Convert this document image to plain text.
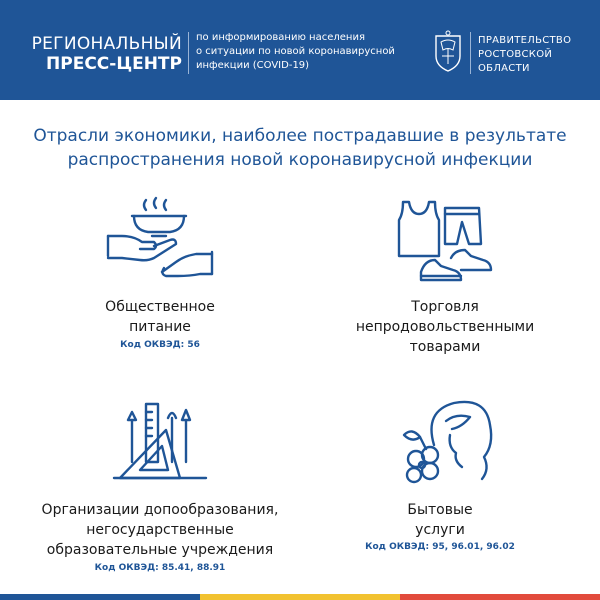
РЕГИОНАЛЬНЫЙ
ПРЕСС-ЦЕНТР
по информированию населения
о ситуации по новой коронавирусной
инфекции (COVID-19)
ПРАВИТЕЛЬСТВО
РОСТОВСКОЙ
ОБЛАСТИ
Отрасли экономики, наиболее пострадавшие в результате
распространения новой коронавирусной инфекции
Общественное
питание
Код ОКВЭД: 56
Торговля
непродовольственными
товарами
Организации допообразования,
негосударственные
образовательные учреждения
Код ОКВЭД: 85.41, 88.91
Бытовые
услуги
Код ОКВЭД: 95, 96.01, 96.02
